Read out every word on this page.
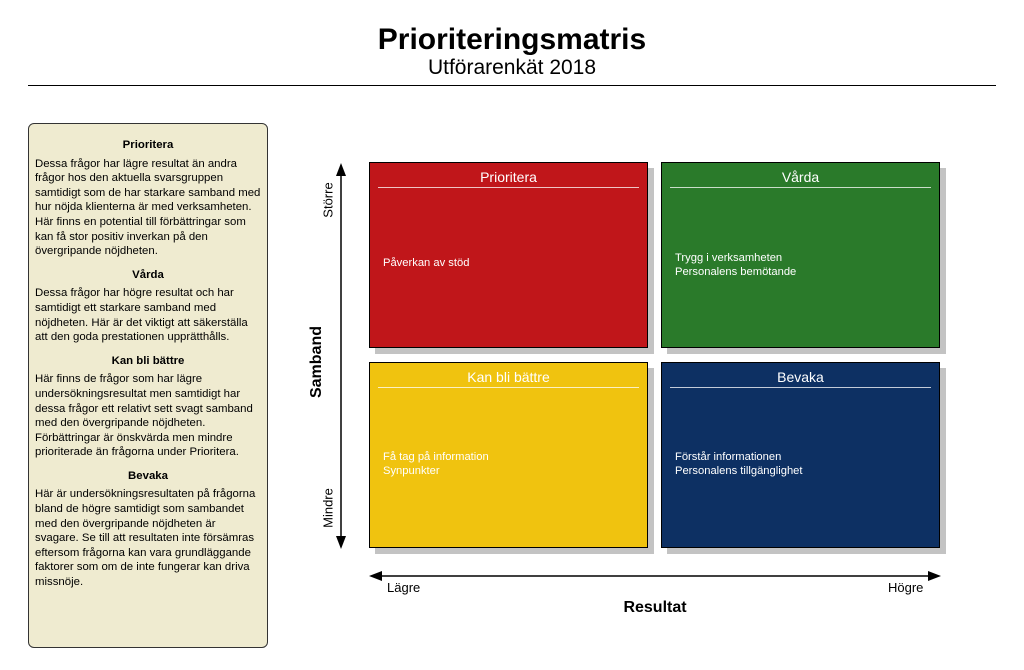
Prioriteringsmatris
Utförarenkät 2018
Prioritera
Dessa frågor har lägre resultat än andra frågor hos den aktuella svarsgruppen samtidigt som de har starkare samband med hur nöjda klienterna är med verksamheten. Här finns en potential till förbättringar som kan få stor positiv inverkan på den övergripande nöjdheten.
Vårda
Dessa frågor har högre resultat och har samtidigt ett starkare samband med nöjdheten. Här är det viktigt att säkerställa att den goda prestationen upprätthålls.
Kan bli bättre
Här finns de frågor som har lägre undersökningsresultat men samtidigt har dessa frågor ett relativt sett svagt samband med den övergripande nöjdheten. Förbättringar är önskvärda men mindre prioriterade än frågorna under Prioritera.
Bevaka
Här är undersökningsresultaten på frågorna bland de högre samtidigt som sambandet med den övergripande nöjdheten är svagare. Se till att resultaten inte försämras eftersom frågorna kan vara grundläggande faktorer som om de inte fungerar kan driva missnöje.
Prioritera
Påverkan av stöd
Vårda
Trygg i verksamheten
Personalens bemötande
Kan bli bättre
Få tag på information
Synpunkter
Bevaka
Förstår informationen
Personalens tillgänglighet
Samband
Större
Mindre
Lägre	Högre
Resultat
